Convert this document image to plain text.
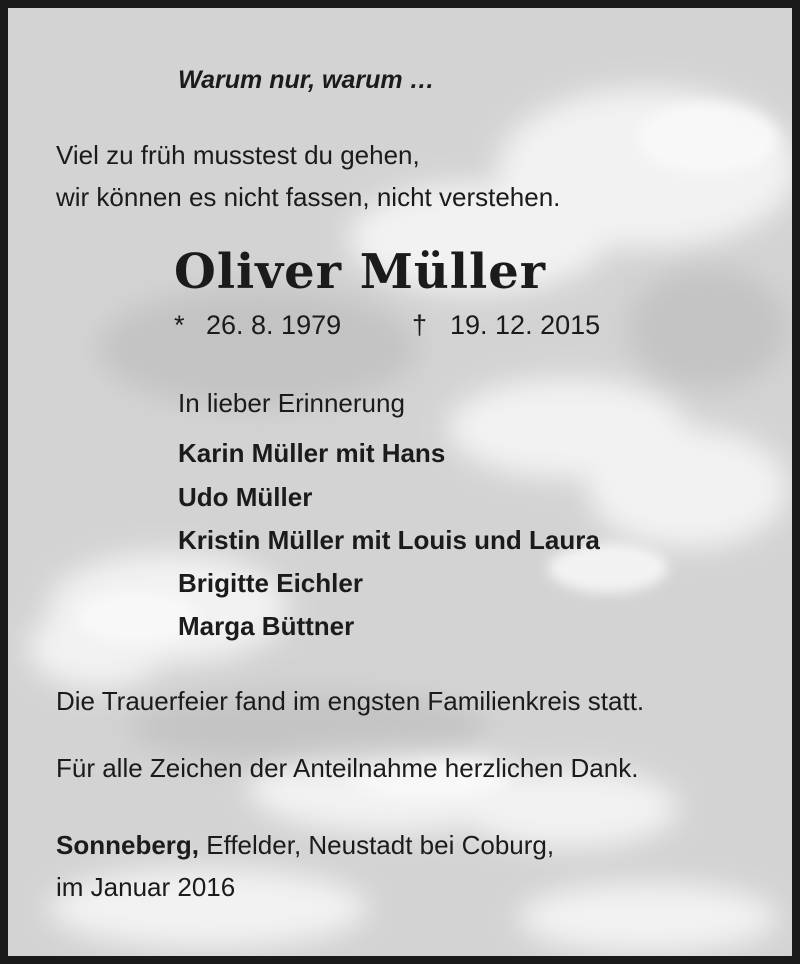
Warum nur, warum …
Viel zu früh musstest du gehen,
wir können es nicht fassen, nicht verstehen.
Oliver Müller
* 26. 8. 1979	† 19. 12. 2015
In lieber Erinnerung
Karin Müller mit Hans
Udo Müller
Kristin Müller mit Louis und Laura
Brigitte Eichler
Marga Büttner
Die Trauerfeier fand im engsten Familienkreis statt.
Für alle Zeichen der Anteilnahme herzlichen Dank.
Sonneberg, Effelder, Neustadt bei Coburg,
im Januar 2016
